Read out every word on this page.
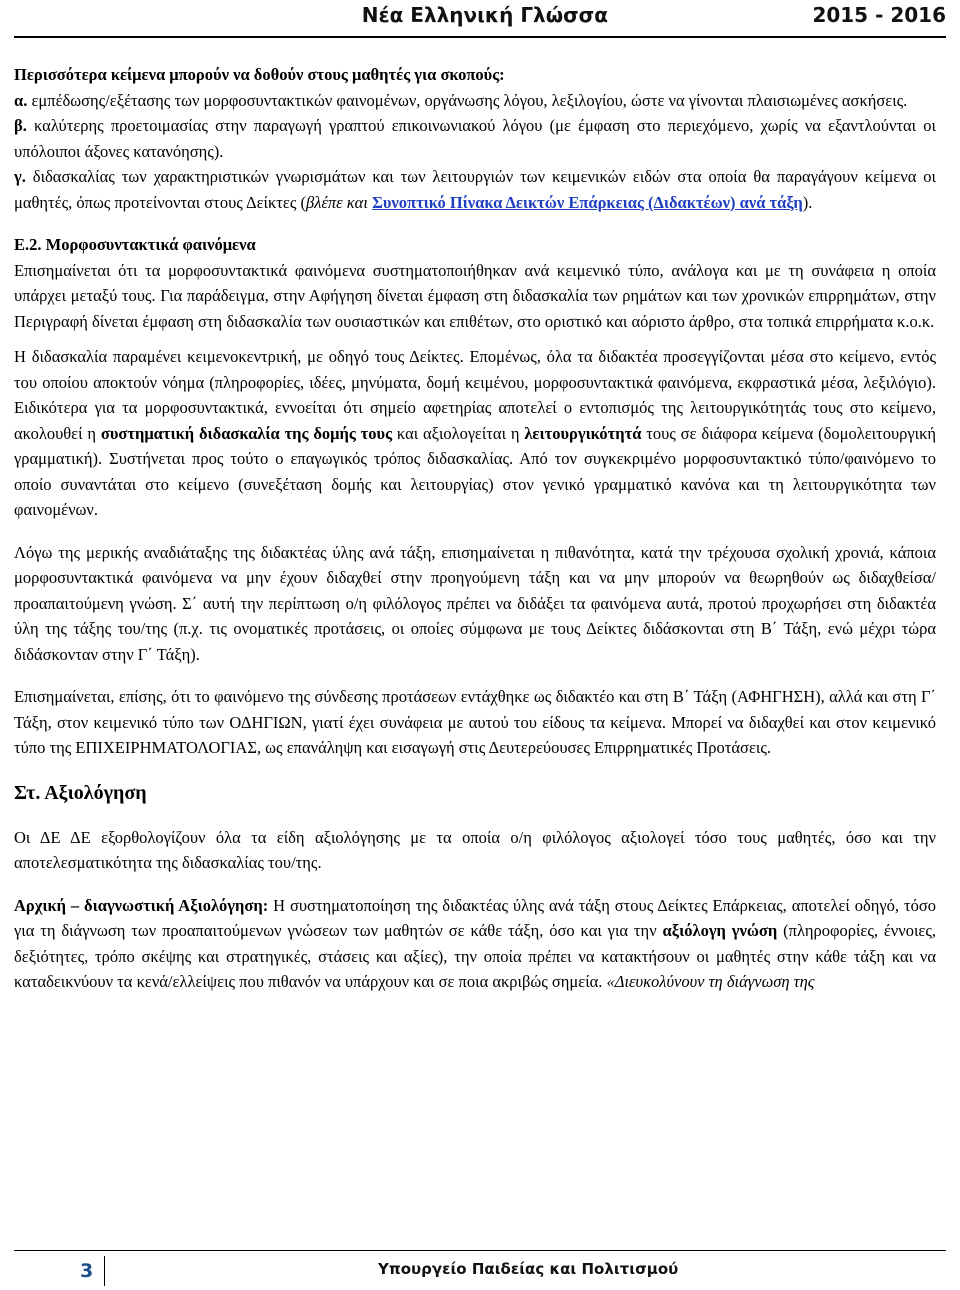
Νέα Ελληνική Γλώσσα	2015 - 2016

Περισσότερα κείμενα μπορούν να δοθούν στους μαθητές για σκοπούς:

α. εμπέδωσης/εξέτασης των μορφοσυντακτικών φαινομένων, οργάνωσης λόγου, λεξιλογίου, ώστε να γίνονται πλαισιωμένες ασκήσεις.

β. καλύτερης προετοιμασίας στην παραγωγή γραπτού επικοινωνιακού λόγου (με έμφαση στο περιεχόμενο, χωρίς να εξαντλούνται οι υπόλοιποι άξονες κατανόησης).

γ. διδασκαλίας των χαρακτηριστικών γνωρισμάτων και των λειτουργιών των κειμενικών ειδών στα οποία θα παραγάγουν κείμενα οι μαθητές, όπως προτείνονται στους Δείκτες (βλέπε και Συνοπτικό Πίνακα Δεικτών Επάρκειας (Διδακτέων) ανά τάξη).

Ε.2. Μορφοσυντακτικά φαινόμενα

Επισημαίνεται ότι τα μορφοσυντακτικά φαινόμενα συστηματοποιήθηκαν ανά κειμενικό τύπο, ανάλογα και με τη συνάφεια η οποία υπάρχει μεταξύ τους. Για παράδειγμα, στην Αφήγηση δίνεται έμφαση στη διδασκαλία των ρημάτων και των χρονικών επιρρημάτων, στην Περιγραφή δίνεται έμφαση στη διδασκαλία των ουσιαστικών και επιθέτων, στο οριστικό και αόριστο άρθρο, στα τοπικά επιρρήματα κ.ο.κ.

Η διδασκαλία παραμένει κειμενοκεντρική, με οδηγό τους Δείκτες. Επομένως, όλα τα διδακτέα προσεγγίζονται μέσα στο κείμενο, εντός του οποίου αποκτούν νόημα (πληροφορίες, ιδέες, μηνύματα, δομή κειμένου, μορφοσυντακτικά φαινόμενα, εκφραστικά μέσα, λεξιλόγιο). Ειδικότερα για τα μορφοσυντακτικά, εννοείται ότι σημείο αφετηρίας αποτελεί ο εντοπισμός της λειτουργικότητάς τους στο κείμενο, ακολουθεί η συστηματική διδασκαλία της δομής τους και αξιολογείται η λειτουργικότητά τους σε διάφορα κείμενα (δομολειτουργική γραμματική). Συστήνεται προς τούτο ο επαγωγικός τρόπος διδασκαλίας. Από τον συγκεκριμένο μορφοσυντακτικό τύπο/φαινόμενο το οποίο συναντάται στο κείμενο (συνεξέταση δομής και λειτουργίας) στον γενικό γραμματικό κανόνα και τη λειτουργικότητα των φαινομένων.

Λόγω της μερικής αναδιάταξης της διδακτέας ύλης ανά τάξη, επισημαίνεται η πιθανότητα, κατά την τρέχουσα σχολική χρονιά, κάποια μορφοσυντακτικά φαινόμενα να μην έχουν διδαχθεί στην προηγούμενη τάξη και να μην μπορούν να θεωρηθούν ως διδαχθείσα/προαπαιτούμενη γνώση. Σ΄ αυτή την περίπτωση ο/η φιλόλογος πρέπει να διδάξει τα φαινόμενα αυτά, προτού προχωρήσει στη διδακτέα ύλη της τάξης του/της (π.χ. τις ονοματικές προτάσεις, οι οποίες σύμφωνα με τους Δείκτες διδάσκονται στη Β΄ Τάξη, ενώ μέχρι τώρα διδάσκονταν στην Γ΄ Τάξη).

Επισημαίνεται, επίσης, ότι το φαινόμενο της σύνδεσης προτάσεων εντάχθηκε ως διδακτέο και στη Β΄ Τάξη (ΑΦΗΓΗΣΗ), αλλά και στη Γ΄ Τάξη, στον κειμενικό τύπο των ΟΔΗΓΙΩΝ, γιατί έχει συνάφεια με αυτού του είδους τα κείμενα. Μπορεί να διδαχθεί και στον κειμενικό τύπο της ΕΠΙΧΕΙΡΗΜΑΤΟΛΟΓΙΑΣ, ως επανάληψη και εισαγωγή στις Δευτερεύουσες Επιρρηματικές Προτάσεις.

Στ. Αξιολόγηση

Οι ΔΕ ΔΕ εξορθολογίζουν όλα τα είδη αξιολόγησης με τα οποία ο/η φιλόλογος αξιολογεί τόσο τους μαθητές, όσο και την αποτελεσματικότητα της διδασκαλίας του/της.

Αρχική – διαγνωστική Αξιολόγηση: Η συστηματοποίηση της διδακτέας ύλης ανά τάξη στους Δείκτες Επάρκειας, αποτελεί οδηγό, τόσο για τη διάγνωση των προαπαιτούμενων γνώσεων των μαθητών σε κάθε τάξη, όσο και για την αξιόλογη γνώση (πληροφορίες, έννοιες, δεξιότητες, τρόπο σκέψης και στρατηγικές, στάσεις και αξίες), την οποία πρέπει να κατακτήσουν οι μαθητές στην κάθε τάξη και να καταδεικνύουν τα κενά/ελλείψεις που πιθανόν να υπάρχουν και σε ποια ακριβώς σημεία. «Διευκολύνουν τη διάγνωση της

3	Υπουργείο Παιδείας και Πολιτισμού
